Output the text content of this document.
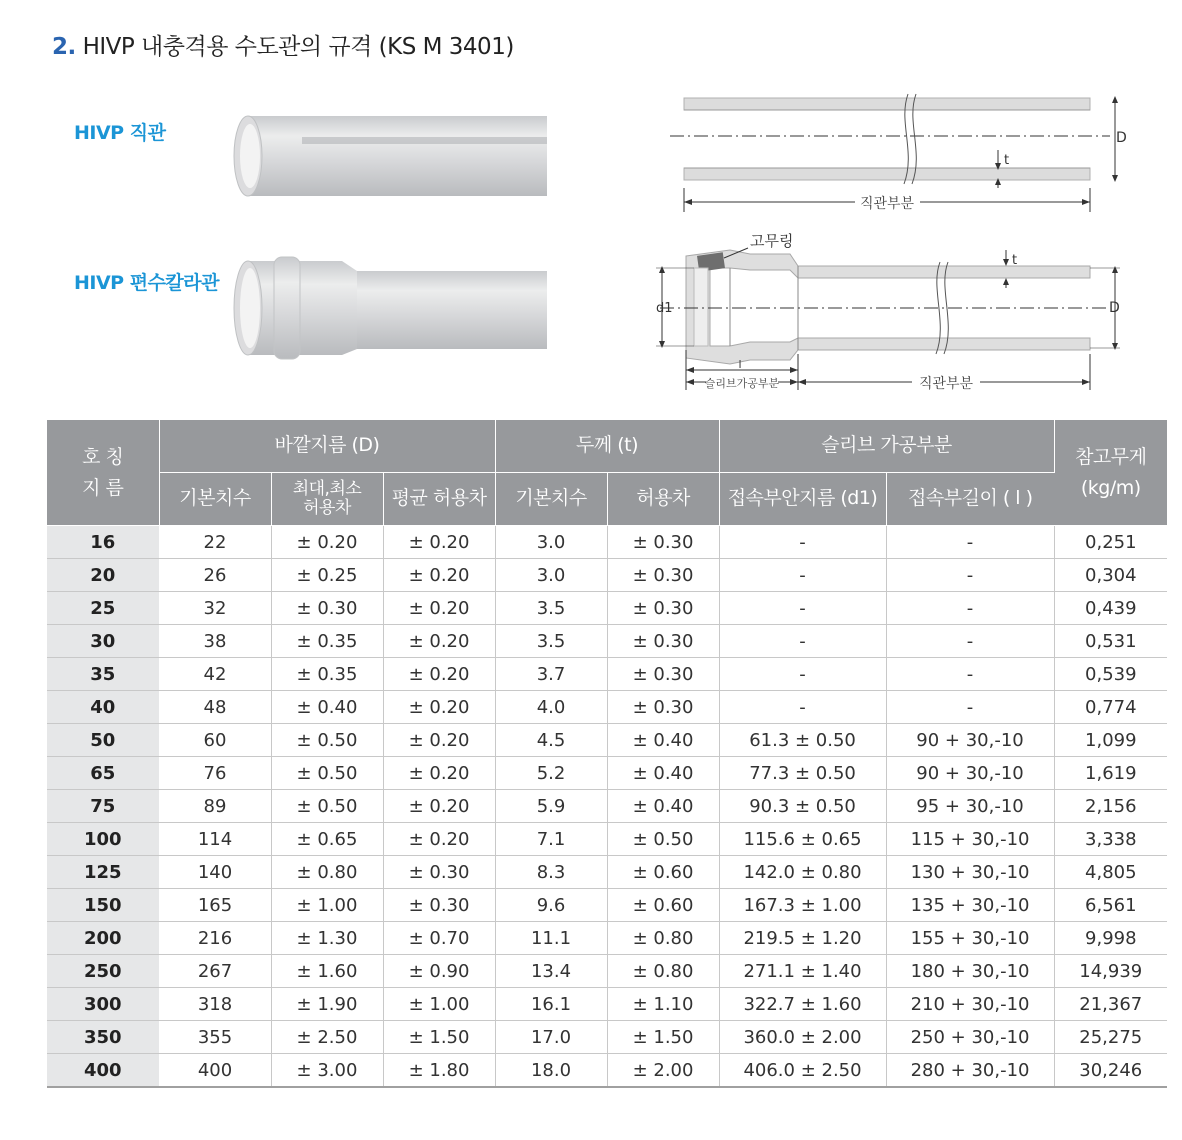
2. HIVP 내충격용 수도관의 규격 (KS M 3401)
HIVP 직관
HIVP 편수칼라관
D
t
직관부분
고무링
D
d1
t
l
슬리브가공부분	직관부분
호 칭
지 름	바깥지름 (D)			두께 (t)		슬리브 가공부분		참고무게
(kg/m)
	기본치수	최대,최소
허용차	평균 허용차	기본치수	허용차	접속부안지름 (d1)	접속부길이 ( l )	
16	22	± 0.20	± 0.20	3.0	± 0.30	-	-	0,251
20	26	± 0.25	± 0.20	3.0	± 0.30	-	-	0,304
25	32	± 0.30	± 0.20	3.5	± 0.30	-	-	0,439
30	38	± 0.35	± 0.20	3.5	± 0.30	-	-	0,531
35	42	± 0.35	± 0.20	3.7	± 0.30	-	-	0,539
40	48	± 0.40	± 0.20	4.0	± 0.30	-	-	0,774
50	60	± 0.50	± 0.20	4.5	± 0.40	61.3 ± 0.50	90 + 30,-10	1,099
65	76	± 0.50	± 0.20	5.2	± 0.40	77.3 ± 0.50	90 + 30,-10	1,619
75	89	± 0.50	± 0.20	5.9	± 0.40	90.3 ± 0.50	95 + 30,-10	2,156
100	114	± 0.65	± 0.20	7.1	± 0.50	115.6 ± 0.65	115 + 30,-10	3,338
125	140	± 0.80	± 0.30	8.3	± 0.60	142.0 ± 0.80	130 + 30,-10	4,805
150	165	± 1.00	± 0.30	9.6	± 0.60	167.3 ± 1.00	135 + 30,-10	6,561
200	216	± 1.30	± 0.70	11.1	± 0.80	219.5 ± 1.20	155 + 30,-10	9,998
250	267	± 1.60	± 0.90	13.4	± 0.80	271.1 ± 1.40	180 + 30,-10	14,939
300	318	± 1.90	± 1.00	16.1	± 1.10	322.7 ± 1.60	210 + 30,-10	21,367
350	355	± 2.50	± 1.50	17.0	± 1.50	360.0 ± 2.00	250 + 30,-10	25,275
400	400	± 3.00	± 1.80	18.0	± 2.00	406.0 ± 2.50	280 + 30,-10	30,246
